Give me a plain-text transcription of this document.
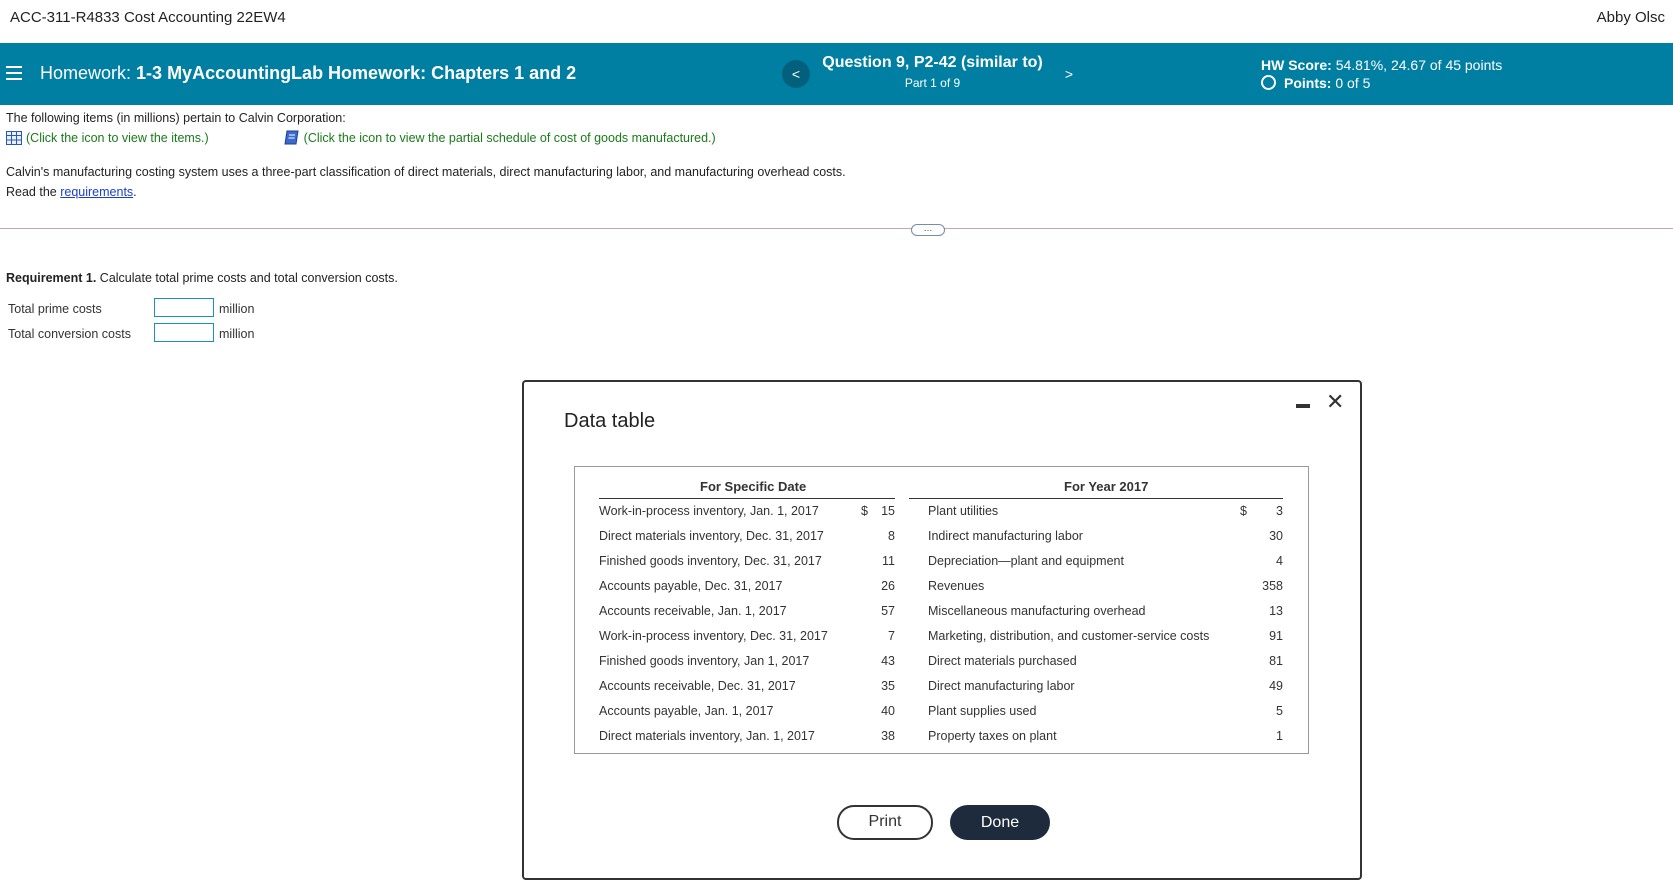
ACC-311-R4833 Cost Accounting 22EW4	Abby Olsc
Homework: 1-3 MyAccountingLab Homework: Chapters 1 and 2	<
Question 9, P2-42 (similar to)
Part 1 of 9
>
HW Score: 54.81%, 24.67 of 45 points
Points: 0 of 5
The following items (in millions) pertain to Calvin Corporation:
(Click the icon to view the items.)	(Click the icon to view the partial schedule of cost of goods manufactured.)
Calvin's manufacturing costing system uses a three-part classification of direct materials, direct manufacturing labor, and manufacturing overhead costs.
Read the requirements.
…
Requirement 1. Calculate total prime costs and total conversion costs.
Total prime costs	million
Total conversion costs	million
Data table
✕
For Specific Date	For Year 2017
Work-in-process inventory, Jan. 1, 2017	$	15	Plant utilities	$	3
Direct materials inventory, Dec. 31, 2017	8	Indirect manufacturing labor	30
Finished goods inventory, Dec. 31, 2017	11	Depreciation—plant and equipment	4
Accounts payable, Dec. 31, 2017	26	Revenues	358
Accounts receivable, Jan. 1, 2017	57	Miscellaneous manufacturing overhead	13
Work-in-process inventory, Dec. 31, 2017	7	Marketing, distribution, and customer-service costs	91
Finished goods inventory, Jan 1, 2017	43	Direct materials purchased	81
Accounts receivable, Dec. 31, 2017	35	Direct manufacturing labor	49
Accounts payable, Jan. 1, 2017	40	Plant supplies used	5
Direct materials inventory, Jan. 1, 2017	38	Property taxes on plant	1
Print	Done
